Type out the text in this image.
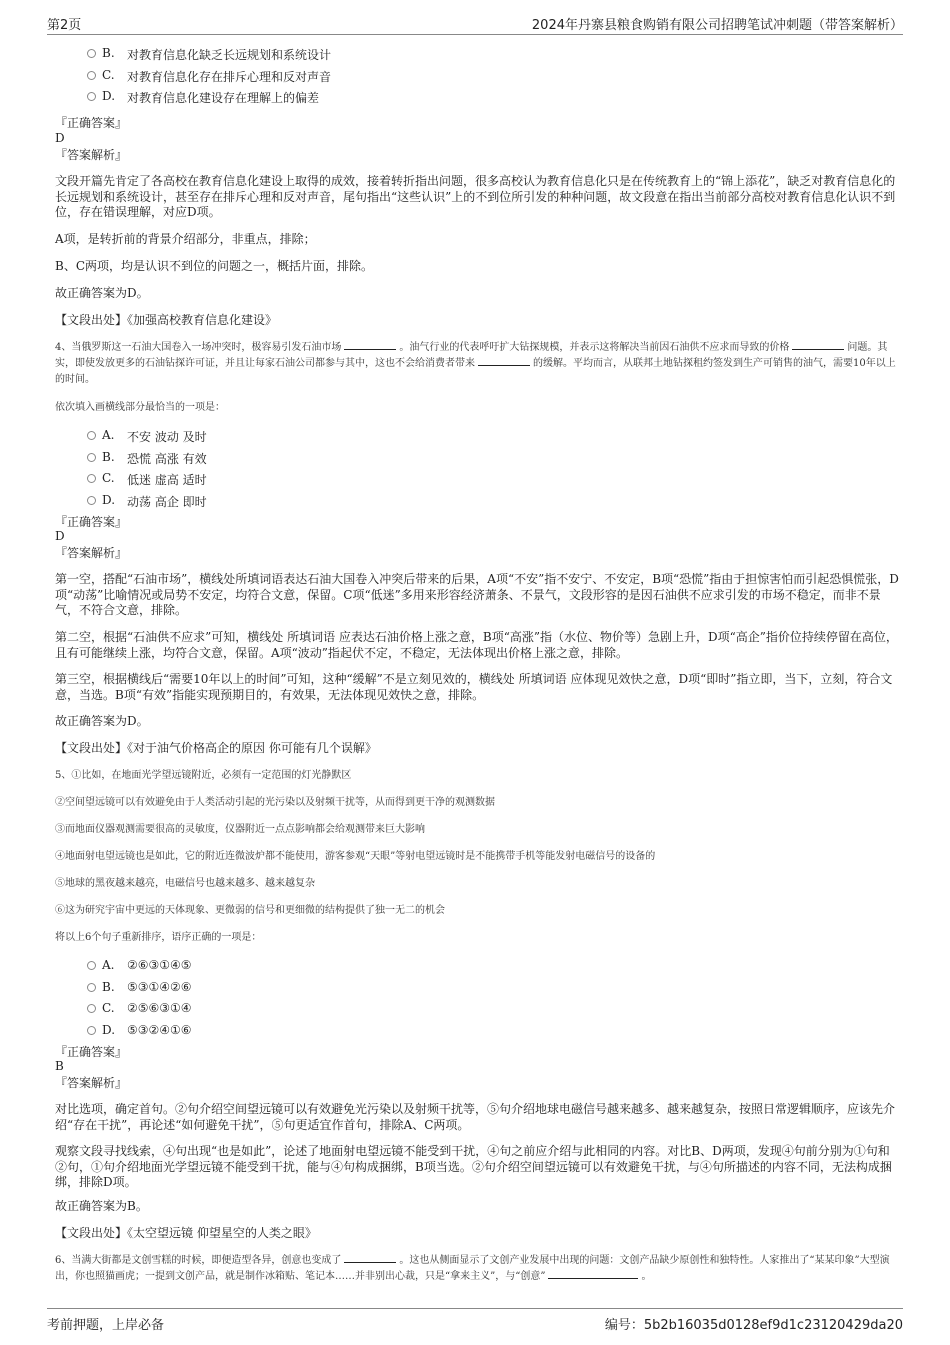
第2页	2024年丹寨县粮食购销有限公司招聘笔试冲刺题（带答案解析）
B. 对教育信息化缺乏长远规划和系统设计
C. 对教育信息化存在排斥心理和反对声音
D. 对教育信息化建设存在理解上的偏差
『正确答案』
D
『答案解析』
文段开篇先肯定了各高校在教育信息化建设上取得的成效，接着转折指出问题，很多高校认为教育信息化只是在传统教育上的“锦上添花”，缺乏对教育信息化的长远规划和系统设计，甚至存在排斥心理和反对声音，尾句指出“这些认识”上的不到位所引发的种种问题，故文段意在指出当前部分高校对教育信息化认识不到位，存在错误理解，对应D项。
A项，是转折前的背景介绍部分，非重点，排除；
B、C两项，均是认识不到位的问题之一，概括片面，排除。
故正确答案为D。
【文段出处】《加强高校教育信息化建设》
4、当俄罗斯这一石油大国卷入一场冲突时，极容易引发石油市场	。油气行业的代表呼吁扩大钻探规模，并表示这将解决当前因石油供不应求而导致的价格	问题。其实，即使发放更多的石油钻探许可证，并且让每家石油公司都参与其中，这也不会给消费者带来	的缓解。平均而言，从联邦土地钻探租约签发到生产可销售的油气，需要10年以上的时间。
依次填入画横线部分最恰当的一项是：
A. 不安 波动 及时
B. 恐慌 高涨 有效
C. 低迷 虚高 适时
D. 动荡 高企 即时
『正确答案』
D
『答案解析』
第一空，搭配“石油市场”，横线处所填词语表达石油大国卷入冲突后带来的后果，A项“不安”指不安宁、不安定，B项“恐慌”指由于担惊害怕而引起恐惧慌张，D项“动荡”比喻情况或局势不安定，均符合文意，保留。C项“低迷”多用来形容经济萧条、不景气，文段形容的是因石油供不应求引发的市场不稳定，而非不景气，不符合文意，排除。
第二空，根据“石油供不应求”可知，横线处 所填词语 应表达石油价格上涨之意，B项“高涨”指（水位、物价等）急剧上升，D项“高企”指价位持续停留在高位，且有可能继续上涨，均符合文意，保留。A项“波动”指起伏不定，不稳定，无法体现出价格上涨之意，排除。
第三空，根据横线后“需要10年以上的时间”可知，这种“缓解”不是立刻见效的，横线处 所填词语 应体现见效快之意，D项“即时”指立即，当下，立刻，符合文意，当选。B项“有效”指能实现预期目的，有效果，无法体现见效快之意，排除。
故正确答案为D。
【文段出处】《对于油气价格高企的原因 你可能有几个误解》
5、①比如，在地面光学望远镜附近，必须有一定范围的灯光静默区
②空间望远镜可以有效避免由于人类活动引起的光污染以及射频干扰等，从而得到更干净的观测数据
③而地面仪器观测需要很高的灵敏度，仪器附近一点点影响都会给观测带来巨大影响
④地面射电望远镜也是如此，它的附近连微波炉都不能使用，游客参观“天眼”等射电望远镜时是不能携带手机等能发射电磁信号的设备的
⑤地球的黑夜越来越亮，电磁信号也越来越多、越来越复杂
⑥这为研究宇宙中更远的天体现象、更微弱的信号和更细微的结构提供了独一无二的机会
将以上6个句子重新排序，语序正确的一项是：
A. ②⑥③①④⑤
B. ⑤③①④②⑥
C. ②⑤⑥③①④
D. ⑤③②④①⑥
『正确答案』
B
『答案解析』
对比选项，确定首句。②句介绍空间望远镜可以有效避免光污染以及射频干扰等，⑤句介绍地球电磁信号越来越多、越来越复杂，按照日常逻辑顺序，应该先介绍“存在干扰”，再论述“如何避免干扰”，⑤句更适宜作首句，排除A、C两项。
观察文段寻找线索，④句出现“也是如此”，论述了地面射电望远镜不能受到干扰，④句之前应介绍与此相同的内容。对比B、D两项，发现④句前分别为①句和②句，①句介绍地面光学望远镜不能受到干扰，能与④句构成捆绑，B项当选。②句介绍空间望远镜可以有效避免干扰，与④句所描述的内容不同，无法构成捆绑，排除D项。
故正确答案为B。
【文段出处】《太空望远镜 仰望星空的人类之眼》
6、当满大街都是文创雪糕的时候，即便造型各异，创意也变成了	。这也从侧面显示了文创产业发展中出现的问题：文创产品缺少原创性和独特性。人家推出了“某某印象”大型演出，你也照猫画虎；一提到文创产品，就是制作冰箱贴、笔记本……并非别出心裁，只是“拿来主义”，与“创意”	。
考前押题，上岸必备	编号：5b2b16035d0128ef9d1c23120429da20
